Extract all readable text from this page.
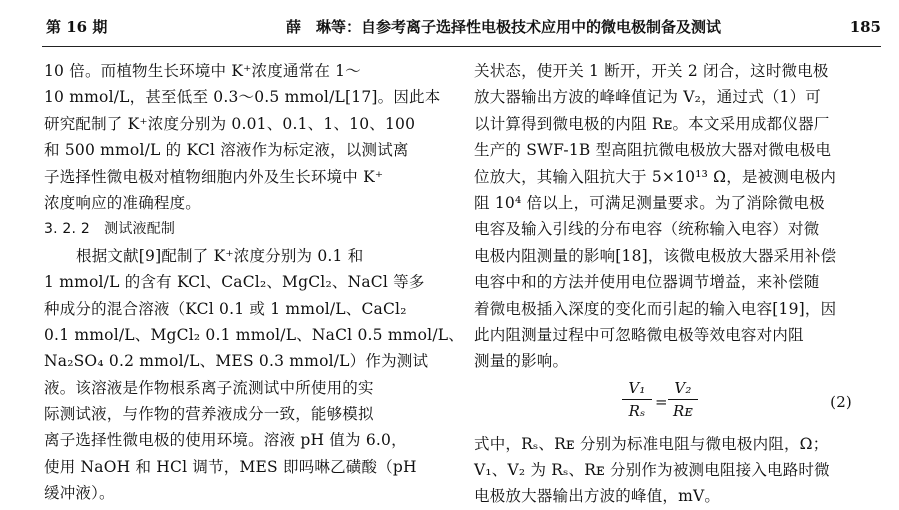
第 16 期	薛　琳等：自参考离子选择性电极技术应用中的微电极制备及测试	185
10 倍。而植物生长环境中 K⁺浓度通常在 1～
10 mmol/L，甚至低至 0.3～0.5 mmol/L[17]。因此本
研究配制了 K⁺浓度分别为 0.01、0.1、1、10、100
和 500 mmol/L 的 KCl 溶液作为标定液，以测试离
子选择性微电极对植物细胞内外及生长环境中 K⁺
浓度响应的准确程度。
3. 2. 2　测试液配制
根据文献[9]配制了 K⁺浓度分别为 0.1 和
1 mmol/L 的含有 KCl、CaCl₂、MgCl₂、NaCl 等多
种成分的混合溶液（KCl 0.1 或 1 mmol/L、CaCl₂
0.1 mmol/L、MgCl₂ 0.1 mmol/L、NaCl 0.5 mmol/L、
Na₂SO₄ 0.2 mmol/L、MES 0.3 mmol/L）作为测试
液。该溶液是作物根系离子流测试中所使用的实
际测试液，与作物的营养液成分一致，能够模拟
离子选择性微电极的使用环境。溶液 pH 值为 6.0，
使用 NaOH 和 HCl 调节，MES 即吗啉乙磺酸（pH
缓冲液）。
关状态，使开关 1 断开，开关 2 闭合，这时微电极
放大器输出方波的峰峰值记为 V₂，通过式（1）可
以计算得到微电极的内阻 Rᴇ。本文采用成都仪器厂
生产的 SWF-1B 型高阻抗微电极放大器对微电极电
位放大，其输入阻抗大于 5×10¹³ Ω，是被测电极内
阻 10⁴ 倍以上，可满足测量要求。为了消除微电极
电容及输入引线的分布电容（统称输入电容）对微
电极内阻测量的影响[18]，该微电极放大器采用补偿
电容中和的方法并使用电位器调节增益，来补偿随
着微电极插入深度的变化而引起的输入电容[19]，因
此内阻测量过程中可忽略微电极等效电容对内阻
测量的影响。
$\frac{\text{V₁}}{\text{Rₛ}} = \frac{\text{V₂}}{\text{Rᴇ}}$	(2)
式中，Rₛ、Rᴇ 分别为标准电阻与微电极内阻，Ω；
V₁、V₂ 为 Rₛ、Rᴇ 分别作为被测电阻接入电路时微
电极放大器输出方波的峰值，mV。
